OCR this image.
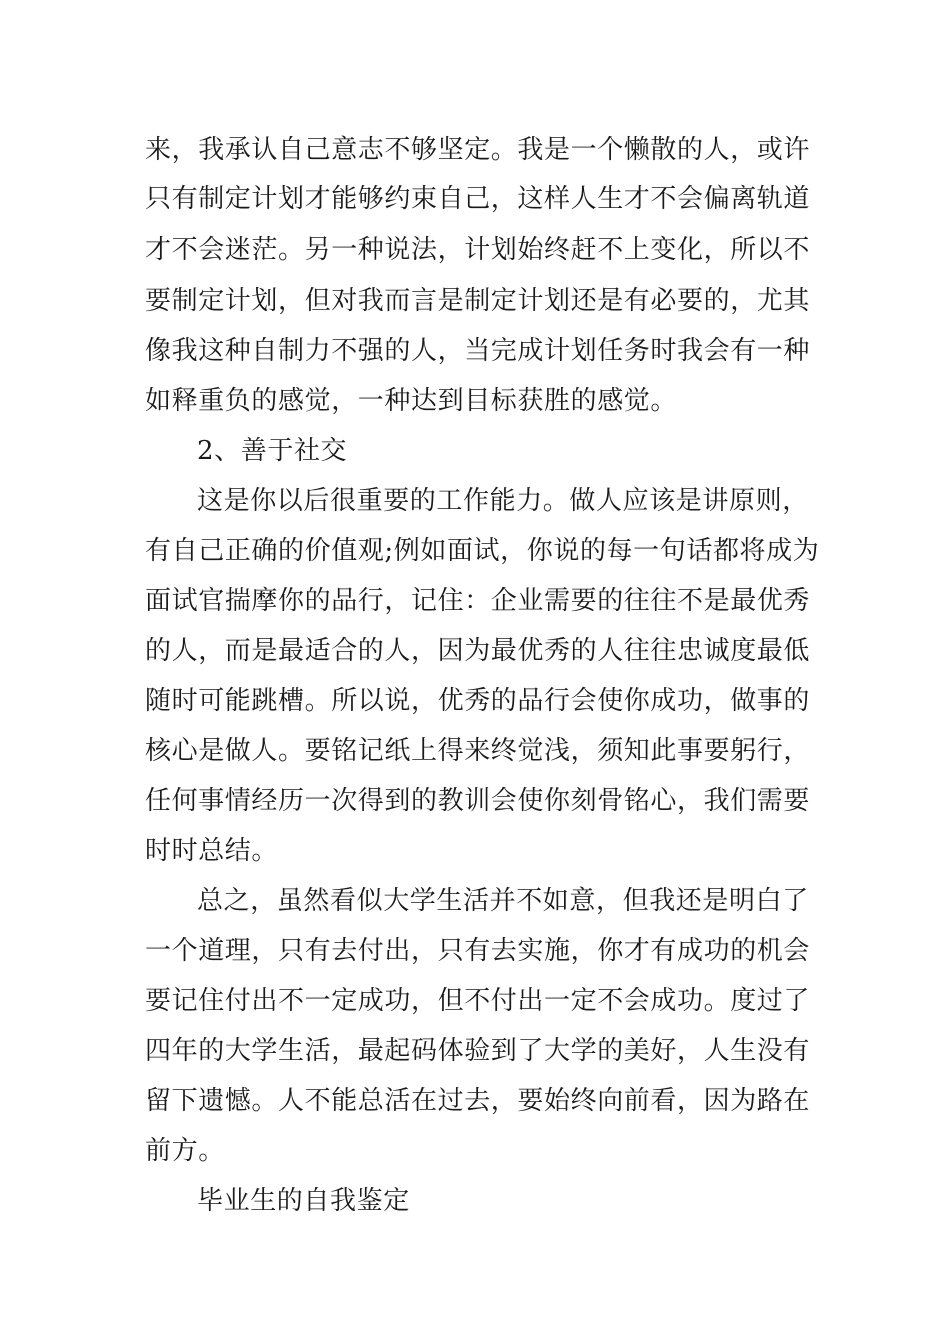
来，我承认自己意志不够坚定。我是一个懒散的人，或许
只有制定计划才能够约束自己，这样人生才不会偏离轨道
才不会迷茫。另一种说法，计划始终赶不上变化，所以不
要制定计划，但对我而言是制定计划还是有必要的，尤其
像我这种自制力不强的人，当完成计划任务时我会有一种
如释重负的感觉，一种达到目标获胜的感觉。
2、善于社交
这是你以后很重要的工作能力。做人应该是讲原则，
有自己正确的价值观;例如面试，你说的每一句话都将成为
面试官揣摩你的品行，记住：企业需要的往往不是最优秀
的人，而是最适合的人，因为最优秀的人往往忠诚度最低
随时可能跳槽。所以说，优秀的品行会使你成功，做事的
核心是做人。要铭记纸上得来终觉浅，须知此事要躬行，
任何事情经历一次得到的教训会使你刻骨铭心，我们需要
时时总结。
总之，虽然看似大学生活并不如意，但我还是明白了
一个道理，只有去付出，只有去实施，你才有成功的机会
要记住付出不一定成功，但不付出一定不会成功。度过了
四年的大学生活，最起码体验到了大学的美好，人生没有
留下遗憾。人不能总活在过去，要始终向前看，因为路在
前方。
毕业生的自我鉴定
